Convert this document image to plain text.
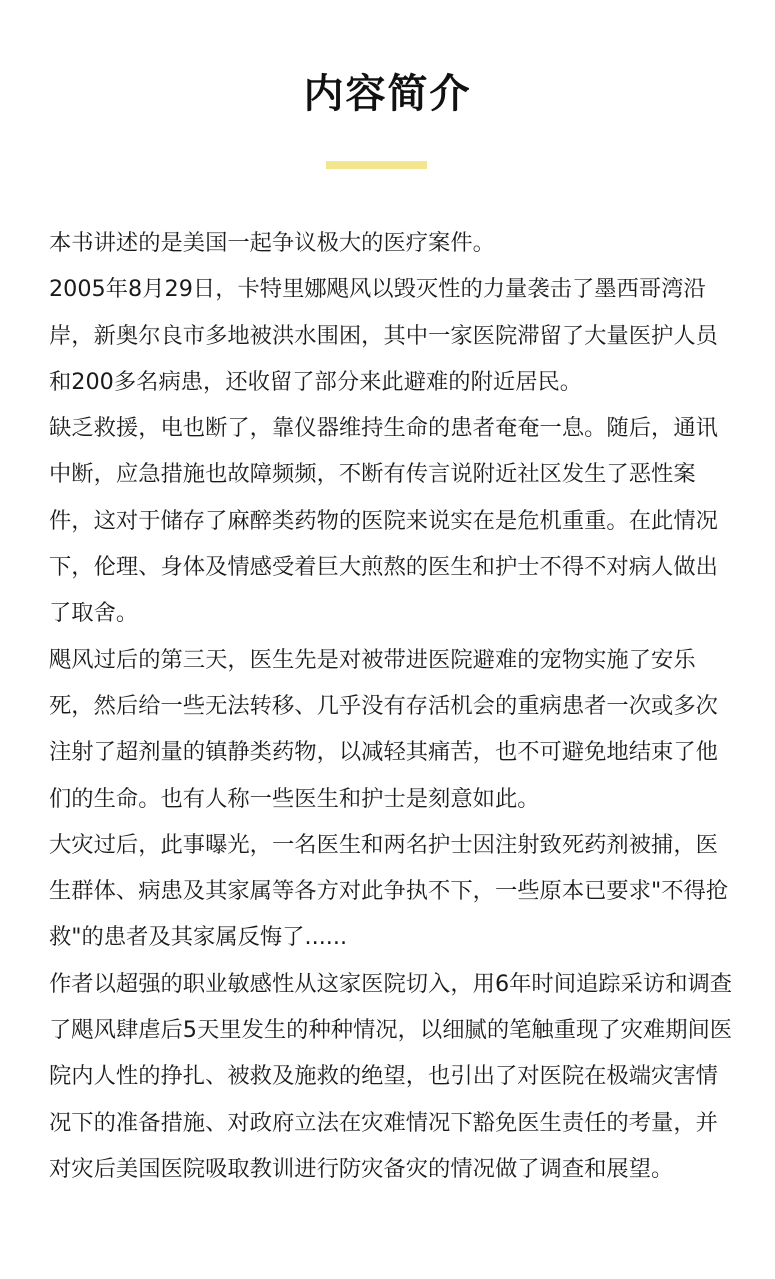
内容简介

本书讲述的是美国一起争议极大的医疗案件。

2005年8月29日，卡特里娜飓风以毁灭性的力量袭击了墨西哥湾沿岸，新奥尔良市多地被洪水围困，其中一家医院滞留了大量医护人员和200多名病患，还收留了部分来此避难的附近居民。

缺乏救援，电也断了，靠仪器维持生命的患者奄奄一息。随后，通讯中断，应急措施也故障频频，不断有传言说附近社区发生了恶性案件，这对于储存了麻醉类药物的医院来说实在是危机重重。在此情况下，伦理、身体及情感受着巨大煎熬的医生和护士不得不对病人做出了取舍。

飓风过后的第三天，医生先是对被带进医院避难的宠物实施了安乐死，然后给一些无法转移、几乎没有存活机会的重病患者一次或多次注射了超剂量的镇静类药物，以减轻其痛苦，也不可避免地结束了他们的生命。也有人称一些医生和护士是刻意如此。

大灾过后，此事曝光，一名医生和两名护士因注射致死药剂被捕，医生群体、病患及其家属等各方对此争执不下，一些原本已要求"不得抢救"的患者及其家属反悔了......

作者以超强的职业敏感性从这家医院切入，用6年时间追踪采访和调查了飓风肆虐后5天里发生的种种情况，以细腻的笔触重现了灾难期间医院内人性的挣扎、被救及施救的绝望，也引出了对医院在极端灾害情况下的准备措施、对政府立法在灾难情况下豁免医生责任的考量，并对灾后美国医院吸取教训进行防灾备灾的情况做了调查和展望。
